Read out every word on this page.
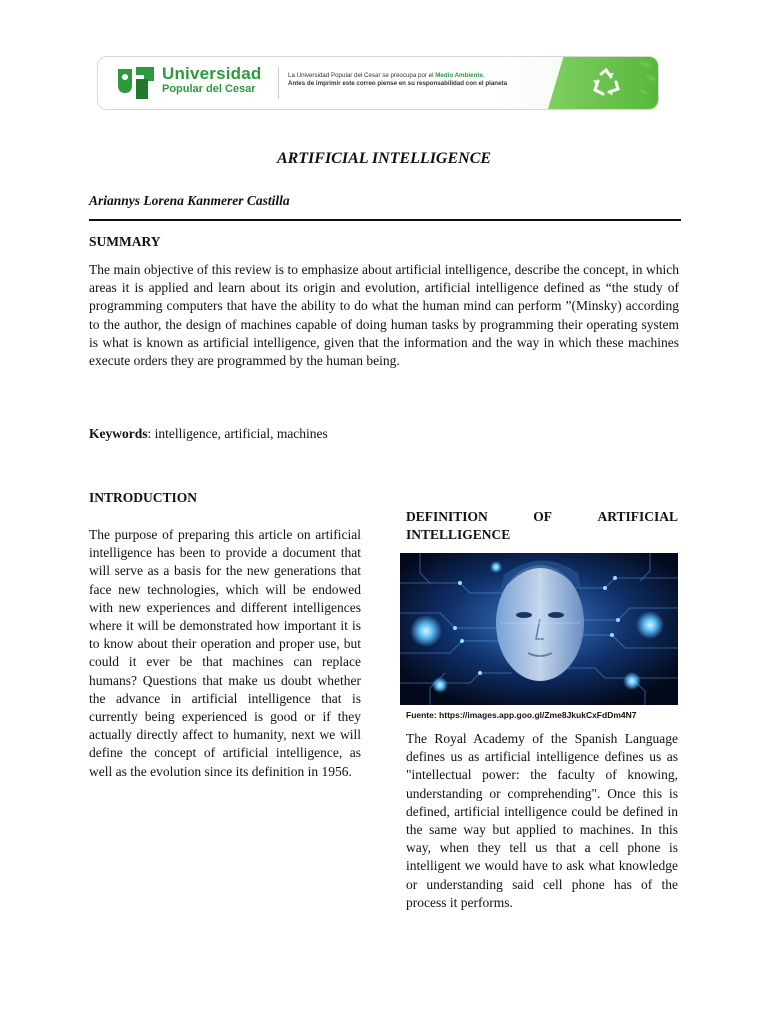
Universidad
Popular del Cesar
La Universidad Popular del Cesar se preocupa por el Medio Ambiente.
Antes de imprimir este correo piense en su responsabilidad con el planeta
ARTIFICIAL INTELLIGENCE
Ariannys Lorena Kanmerer Castilla
SUMMARY

The main objective of this review is to emphasize about artificial intelligence, describe the concept, in which areas it is applied and learn about its origin and evolution, artificial intelligence defined as “the study of programming computers that have the ability to do what the human mind can perform ”(Minsky) according to the author, the design of machines capable of doing human tasks by programming their operating system is what is known as artificial intelligence, given that the information and the way in which these machines execute orders they are programmed by the human being.

Keywords: intelligence, artificial, machines
INTRODUCTION

The purpose of preparing this article on artificial intelligence has been to provide a document that will serve as a basis for the new generations that face new technologies, which will be endowed with new experiences and different intelligences where it will be demonstrated how important it is to know about their operation and proper use, but could it ever be that machines can replace humans? Questions that make us doubt whether the advance in artificial intelligence that is currently being experienced is good or if they actually directly affect to humanity, next we will define the concept of artificial intelligence, as well as the evolution since its definition in 1956.

DEFINITION	OF	ARTIFICIAL
INTELLIGENCE
Fuente: https://images.app.goo.gl/Zme8JkukCxFdDm4N7

The Royal Academy of the Spanish Language defines us as artificial intelligence defines us as "intellectual power: the faculty of knowing, understanding or comprehending". Once this is defined, artificial intelligence could be defined in the same way but applied to machines. In this way, when they tell us that a cell phone is intelligent we would have to ask what knowledge or understanding said cell phone has of the process it performs.
